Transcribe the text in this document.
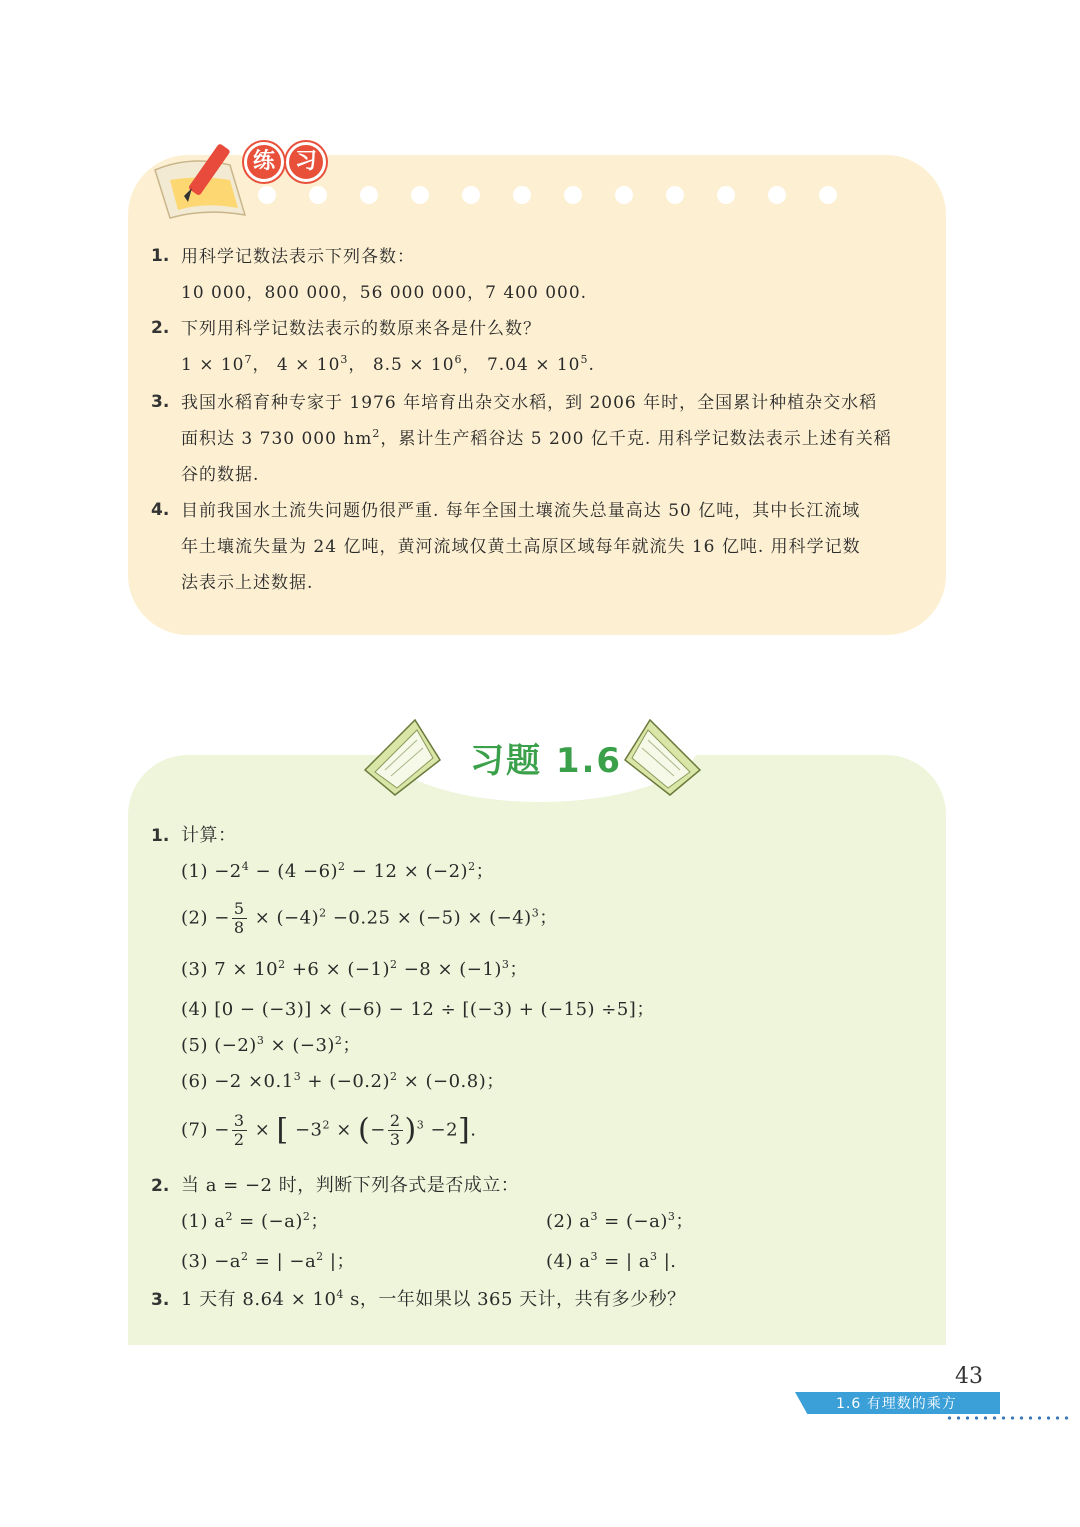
练 习
1. 用科学记数法表示下列各数：
10 000，800 000，56 000 000，7 400 000.
2. 下列用科学记数法表示的数原来各是什么数？
$1 \times 10^7$， $4 \times 10^3$， $8.5 \times 10^6$， $7.04 \times 10^5$.
3. 我国水稻育种专家于 1976 年培育出杂交水稻，到 2006 年时，全国累计种植杂交水稻
面积达 3 730 000 $hm^2$，累计生产稻谷达 5 200 亿千克. 用科学记数法表示上述有关稻
谷的数据.
4. 目前我国水土流失问题仍很严重. 每年全国土壤流失总量高达 50 亿吨，其中长江流域
年土壤流失量为 24 亿吨，黄河流域仅黄土高原区域每年就流失 16 亿吨. 用科学记数
法表示上述数据.
习题 1.6
1. 计算：
$(1) -2^4 - (4 -6)^2 - 12 \times (-2)^2$；
$(2) - \frac{5}{8} \times (-4)^2 -0.25 \times (-5) \times (-4)^3$；
(3) $7 \times 10^2 +6 \times (-1)^2 -8 \times (-1)^3$；
(4) [0 − (−3)] × (−6) − 12 ÷ [(−3) + (−15) ÷5]；
(5) $(-2)^3 \times (-3)^2$；
$(6) -2 \times 0.1^3 + (-0.2)^2 \times (-0.8)$；
$(7) - \frac{3}{2}$ × [ $-3^2$ × (− $\frac{2}{3} )^3 -2$].
2. 当 a = −2 时，判断下列各式是否成立：
(1) $a^2 = (-a)^2$；	(2) $a^3 = (-a)^3$；
$(3) -a^2$ = | $-a^2$ |；	(4) $a^3$ = | $a^3$ |.
3. 1 天有 $8.64 \times 10^4$ s，一年如果以 365 天计，共有多少秒？
43
1.6 有理数的乘方
